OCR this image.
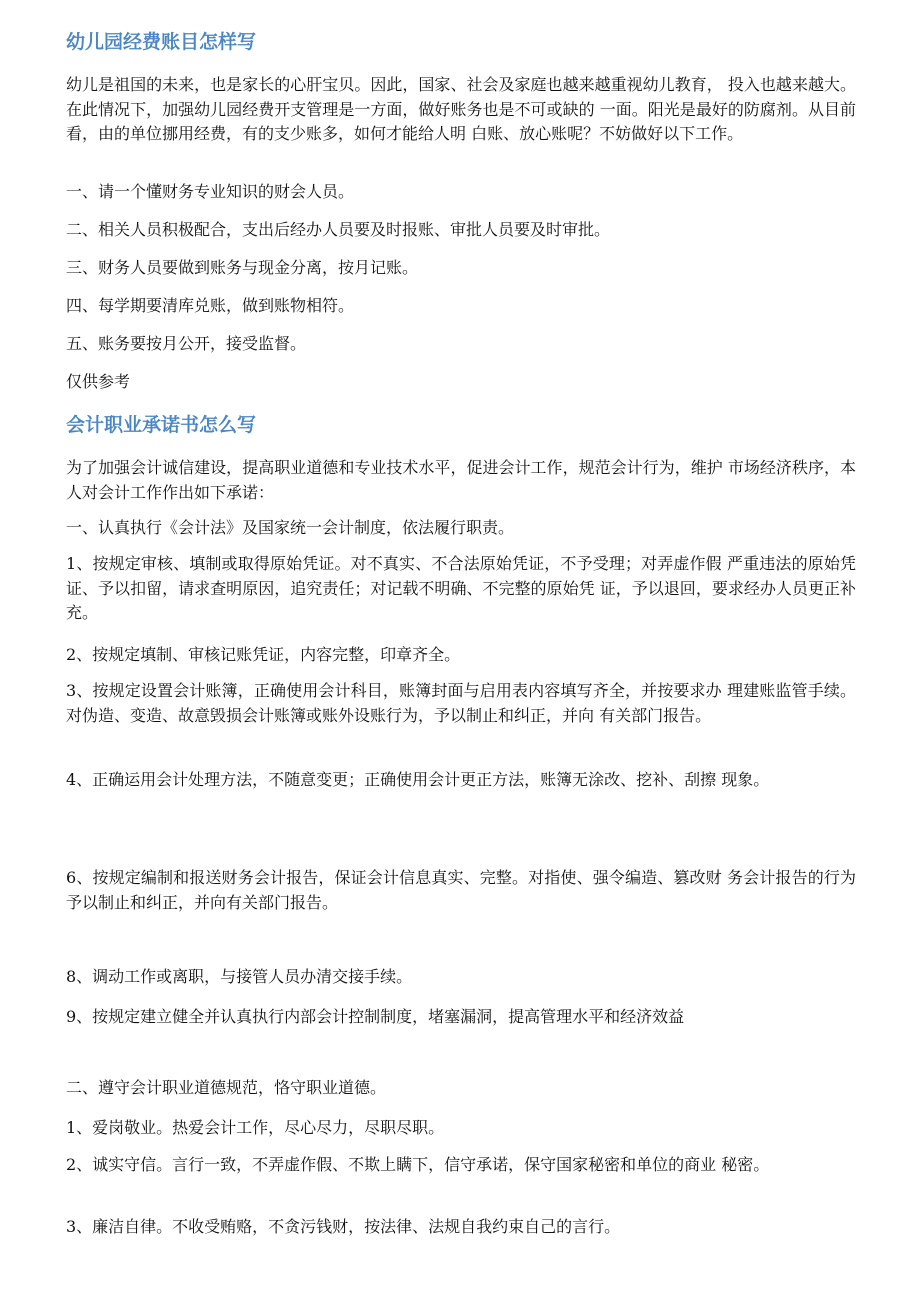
幼儿园经费账目怎样写

幼儿是祖国的未来，也是家长的心肝宝贝。因此，国家、社会及家庭也越来越重视幼儿教育， 投入也越来越大。在此情况下，加强幼儿园经费开支管理是一方面，做好账务也是不可或缺的 一面。阳光是最好的防腐剂。从目前看，由的单位挪用经费，有的支少账多，如何才能给人明 白账、放心账呢？不妨做好以下工作。

一、请一个懂财务专业知识的财会人员。

二、相关人员积极配合，支出后经办人员要及时报账、审批人员要及时审批。

三、财务人员要做到账务与现金分离，按月记账。

四、每学期要清库兑账，做到账物相符。

五、账务要按月公开，接受监督。

仅供参考

会计职业承诺书怎么写

为了加强会计诚信建设，提高职业道德和专业技术水平，促进会计工作，规范会计行为，维护 市场经济秩序，本人对会计工作作出如下承诺：

一、认真执行《会计法》及国家统一会计制度，依法履行职责。

1、按规定审核、填制或取得原始凭证。对不真实、不合法原始凭证，不予受理；对弄虚作假 严重违法的原始凭证、予以扣留，请求查明原因，追究责任；对记载不明确、不完整的原始凭 证，予以退回，要求经办人员更正补充。

2、按规定填制、审核记账凭证，内容完整，印章齐全。

3、按规定设置会计账簿，正确使用会计科目，账簿封面与启用表内容填写齐全，并按要求办 理建账监管手续。对伪造、变造、故意毁损会计账簿或账外设账行为，予以制止和纠正，并向 有关部门报告。

4、正确运用会计处理方法，不随意变更；正确使用会计更正方法，账簿无涂改、挖补、刮擦 现象。

6、按规定编制和报送财务会计报告，保证会计信息真实、完整。对指使、强令编造、篡改财 务会计报告的行为予以制止和纠正，并向有关部门报告。

8、调动工作或离职，与接管人员办清交接手续。

9、按规定建立健全并认真执行内部会计控制制度，堵塞漏洞，提高管理水平和经济效益

二、遵守会计职业道德规范，恪守职业道德。

1、爱岗敬业。热爱会计工作，尽心尽力，尽职尽职。

2、诚实守信。言行一致，不弄虚作假、不欺上瞒下，信守承诺，保守国家秘密和单位的商业 秘密。

3、廉洁自律。不收受贿赂，不贪污钱财，按法律、法规自我约束自己的言行。
